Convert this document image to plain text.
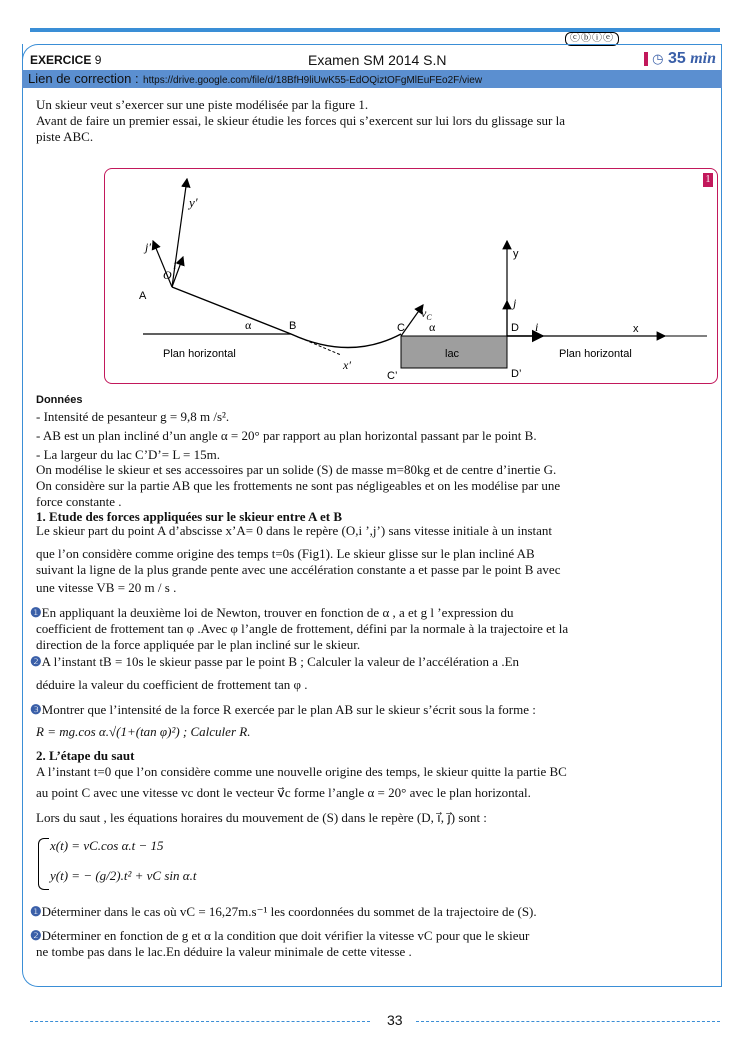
ⓒⓑⓘⓔ
EXERCICE 9	Examen SM 2014 S.N	◷ 35 min
Lien de correction : https://drive.google.com/file/d/18BfH9liUwK55-EdOQiztOFgMlEuFEo2F/view
Un skieur veut s’exercer sur une piste modélisée par la figure 1.
Avant de faire un premier essai, le skieur étudie les forces qui s’exercent sur lui lors du glissage sur la
piste ABC.
1
O
A
B	C
C’
D
D’
y′
x′
j′
i′
α	α
$v_C$
y
x
j
i
Plan horizontal	lac	Plan horizontal
Données
- Intensité de pesanteur g = 9,8 m /s².
- AB est un plan incliné d’un angle α = 20° par rapport au plan horizontal passant par le point B.
- La largeur du lac C’D’= L = 15m.
On modélise le skieur et ses accessoires par un solide (S) de masse m=80kg et de centre d’inertie G.
On considère sur la partie AB que les frottements ne sont pas négligeables et on les modélise par une
force constante .
1. Etude des forces appliquées sur le skieur entre A et B
Le skieur part du point A d’abscisse x’A= 0 dans le repère (O,i ’,j’) sans vitesse initiale à un instant
que l’on considère comme origine des temps t=0s (Fig1). Le skieur glisse sur le plan incliné AB
suivant la ligne de la plus grande pente avec une accélération constante a et passe par le point B avec
une vitesse VB = 20 m / s .
❶En appliquant la deuxième loi de Newton, trouver en fonction de α , a et g l ’expression du
coefficient de frottement tan φ .Avec φ l’angle de frottement, défini par la normale à la trajectoire et la
direction de la force appliquée par le plan incliné sur le skieur.
❷A l’instant tB = 10s le skieur passe par le point B ; Calculer la valeur de l’accélération a .En
déduire la valeur du coefficient de frottement tan φ .
❸Montrer que l’intensité de la force R exercée par le plan AB sur le skieur s’écrit sous la forme :
R = mg.cos α.√(1+(tan φ)²) ; Calculer R.
2. L’étape du saut
A l’instant t=0 que l’on considère comme une nouvelle origine des temps, le skieur quitte la partie BC
au point C avec une vitesse vc dont le vecteur v⃗c forme l’angle α = 20° avec le plan horizontal.
Lors du saut , les équations horaires du mouvement de (S) dans le repère (D, i⃗, j⃗) sont :
x(t) = vC.cos α.t − 15
y(t) = − (g/2).t² + vC sin α.t
❶Déterminer dans le cas où vC = 16,27m.s⁻¹ les coordonnées du sommet de la trajectoire de (S).
❷Déterminer en fonction de g et α la condition que doit vérifier la vitesse vC pour que le skieur
ne tombe pas dans le lac.En déduire la valeur minimale de cette vitesse .
33
